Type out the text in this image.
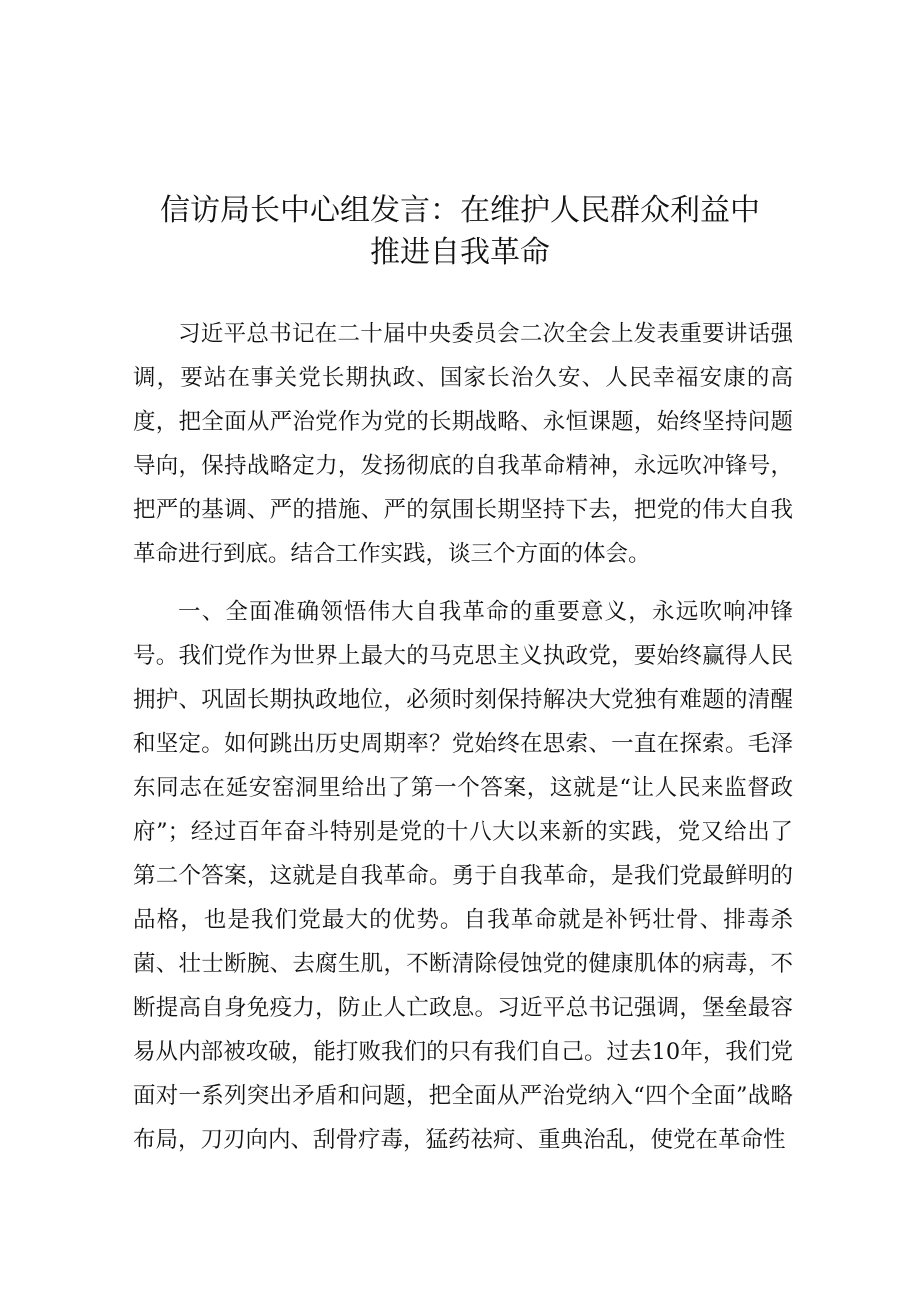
信访局长中心组发言：在维护人民群众利益中
推进自我革命

习近平总书记在二十届中央委员会二次全会上发表重要讲话强调，要站在事关党长期执政、国家长治久安、人民幸福安康的高度，把全面从严治党作为党的长期战略、永恒课题，始终坚持问题导向，保持战略定力，发扬彻底的自我革命精神，永远吹冲锋号，把严的基调、严的措施、严的氛围长期坚持下去，把党的伟大自我革命进行到底。结合工作实践，谈三个方面的体会。

一、全面准确领悟伟大自我革命的重要意义，永远吹响冲锋号。我们党作为世界上最大的马克思主义执政党，要始终赢得人民拥护、巩固长期执政地位，必须时刻保持解决大党独有难题的清醒和坚定。如何跳出历史周期率？党始终在思索、一直在探索。毛泽东同志在延安窑洞里给出了第一个答案，这就是“让人民来监督政府”；经过百年奋斗特别是党的十八大以来新的实践，党又给出了第二个答案，这就是自我革命。勇于自我革命，是我们党最鲜明的品格，也是我们党最大的优势。自我革命就是补钙壮骨、排毒杀菌、壮士断腕、去腐生肌，不断清除侵蚀党的健康肌体的病毒，不断提高自身免疫力，防止人亡政息。习近平总书记强调，堡垒最容易从内部被攻破，能打败我们的只有我们自己。过去10年，我们党面对一系列突出矛盾和问题，把全面从严治党纳入“四个全面”战略布局，刀刃向内、刮骨疗毒，猛药祛疴、重典治乱，使党在革命性
